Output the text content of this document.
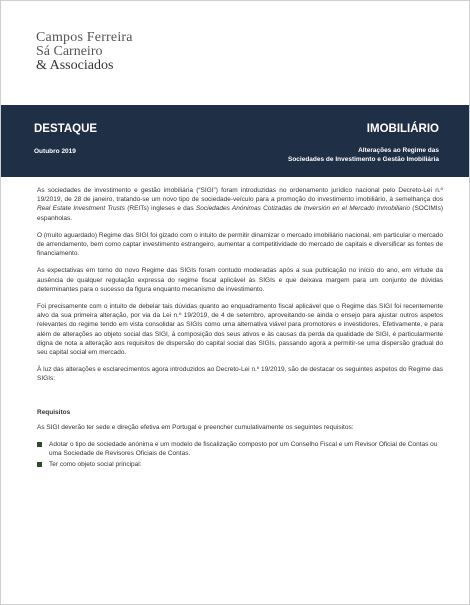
Campos Ferreira
Sá Carneiro
& Associados
DESTAQUE
Outubro 2019
IMOBILIÁRIO
Alterações ao Regime das
Sociedades de Investimento e Gestão Imobiliária

As sociedades de investimento e gestão imobiliária (“SIGI”) foram introduzidas no ordenamento jurídico nacional pelo Decreto-Lei n.º 19/2019, de 28 de janeiro, tratando-se um novo tipo de sociedade-veículo para a promoção do investimento imobiliário, à semelhança dos Real Estate Investment Trusts (REITs) ingleses e das Sociedades Anónimas Cotizadas de Inversión en el Mercado Inmobiliario (SOCIMIs) espanholas.

O (muito aguardado) Regime das SIGI foi gizado com o intuito de permitir dinamizar o mercado imobiliário nacional, em particular o mercado de arrendamento, bem como captar investimento estrangeiro, aumentar a competitividade do mercado de capitais e diversificar as fontes de financiamento.

As expectativas em torno do novo Regime das SIGIs foram contudo moderadas após a sua publicação no início do ano, em virtude da ausência de qualquer regulação expressa do regime fiscal aplicável às SIGIs e que deixava margem para um conjunto de dúvidas determinantes para o sucesso da figura enquanto mecanismo de investimento.

Foi precisamente com o intuito de debelar tais dúvidas quanto ao enquadramento fiscal aplicável que o Regime das SIGI foi recentemente alvo da sua primeira alteração, por via da Lei n.º 19/2019, de 4 de setembro, aproveitando-se ainda o ensejo para ajustar outros aspetos relevantes do regime tendo em vista consolidar as SIGIs como uma alternativa viável para promotores e investidores. Efetivamente, e para além de alterações ao objeto social das SIGI, à composição dos seus ativos e às causas da perda da qualidade de SIGI, é particularmente digna de nota a alteração aos requisitos de dispersão do capital social das SIGIs, passando agora a permitir-se uma dispersão gradual do seu capital social em mercado.

À luz das alterações e esclarecimentos agora introduzidos ao Decreto-Lei n.º 19/2019, são de destacar os seguintes aspetos do Regime das SIGIs:

Requisitos

As SIGI deverão ter sede e direção efetiva em Portugal e preencher cumulativamente os seguintes requisitos:

Adotar o tipo de sociedade anónima e um modelo de fiscalização composto por um Conselho Fiscal e um Revisor Oficial de Contas ou uma Sociedade de Revisores Oficiais de Contas.
Ter como objeto social principal:
